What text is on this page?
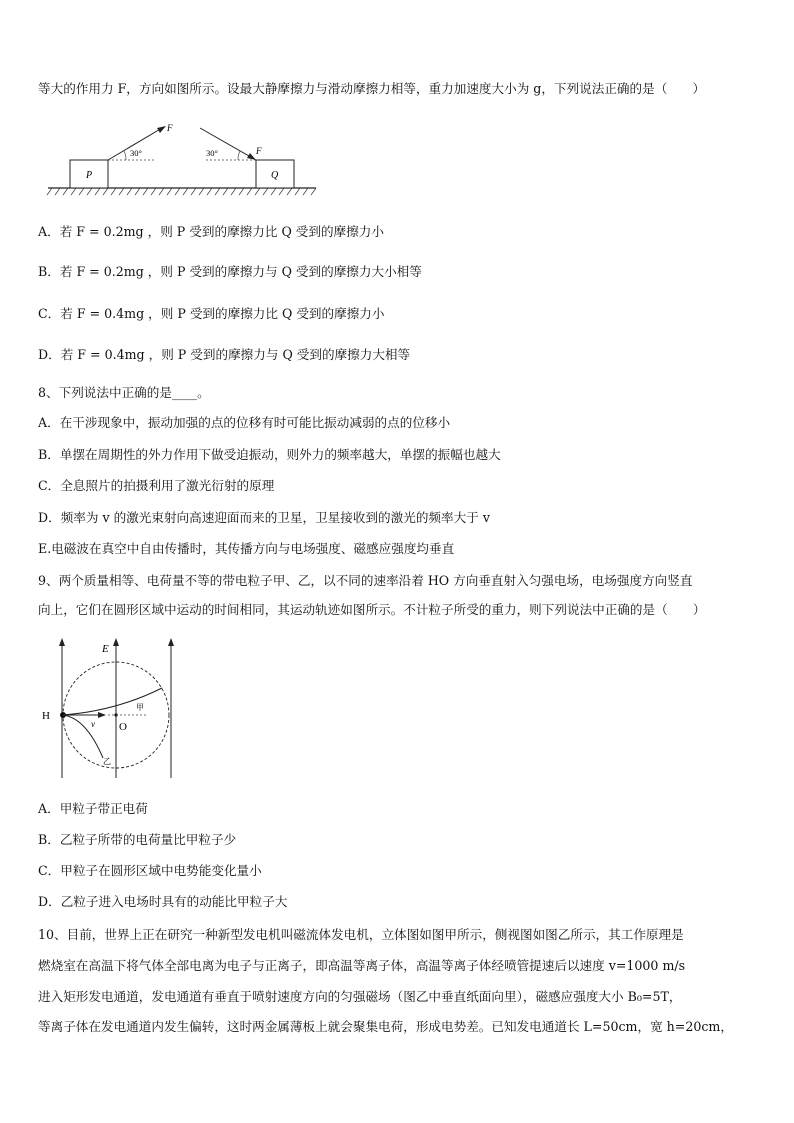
等大的作用力 F，方向如图所示。设最大静摩擦力与滑动摩擦力相等，重力加速度大小为 g，下列说法正确的是（　　）
P
F
30°
Q
F
30°
A．若 F = 0.2mg ，则 P 受到的摩擦力比 Q 受到的摩擦力小
B．若 F = 0.2mg ，则 P 受到的摩擦力与 Q 受到的摩擦力大小相等
C．若 F = 0.4mg ，则 P 受到的摩擦力比 Q 受到的摩擦力小
D．若 F = 0.4mg ，则 P 受到的摩擦力与 Q 受到的摩擦力大相等
8、下列说法中正确的是____。
A．在干涉现象中，振动加强的点的位移有时可能比振动减弱的点的位移小
B．单摆在周期性的外力作用下做受迫振动，则外力的频率越大，单摆的振幅也越大
C．全息照片的拍摄利用了激光衍射的原理
D．频率为 v 的激光束射向高速迎面而来的卫星，卫星接收到的激光的频率大于 v
E.电磁波在真空中自由传播时，其传播方向与电场强度、磁感应强度均垂直
9、两个质量相等、电荷量不等的带电粒子甲、乙，以不同的速率沿着 HO 方向垂直射入匀强电场，电场强度方向竖直
向上，它们在圆形区域中运动的时间相同，其运动轨迹如图所示。不计粒子所受的重力，则下列说法中正确的是（　　）
E
H
O
v
甲
乙
A．甲粒子带正电荷
B．乙粒子所带的电荷量比甲粒子少
C．甲粒子在圆形区域中电势能变化量小
D．乙粒子进入电场时具有的动能比甲粒子大
10、目前，世界上正在研究一种新型发电机叫磁流体发电机，立体图如图甲所示，侧视图如图乙所示，其工作原理是
燃烧室在高温下将气体全部电离为电子与正离子，即高温等离子体，高温等离子体经喷管提速后以速度 v=1000 m/s
进入矩形发电通道，发电通道有垂直于喷射速度方向的匀强磁场（图乙中垂直纸面向里），磁感应强度大小 B₀=5T，
等离子体在发电通道内发生偏转，这时两金属薄板上就会聚集电荷，形成电势差。已知发电通道长 L=50cm，宽 h=20cm，
